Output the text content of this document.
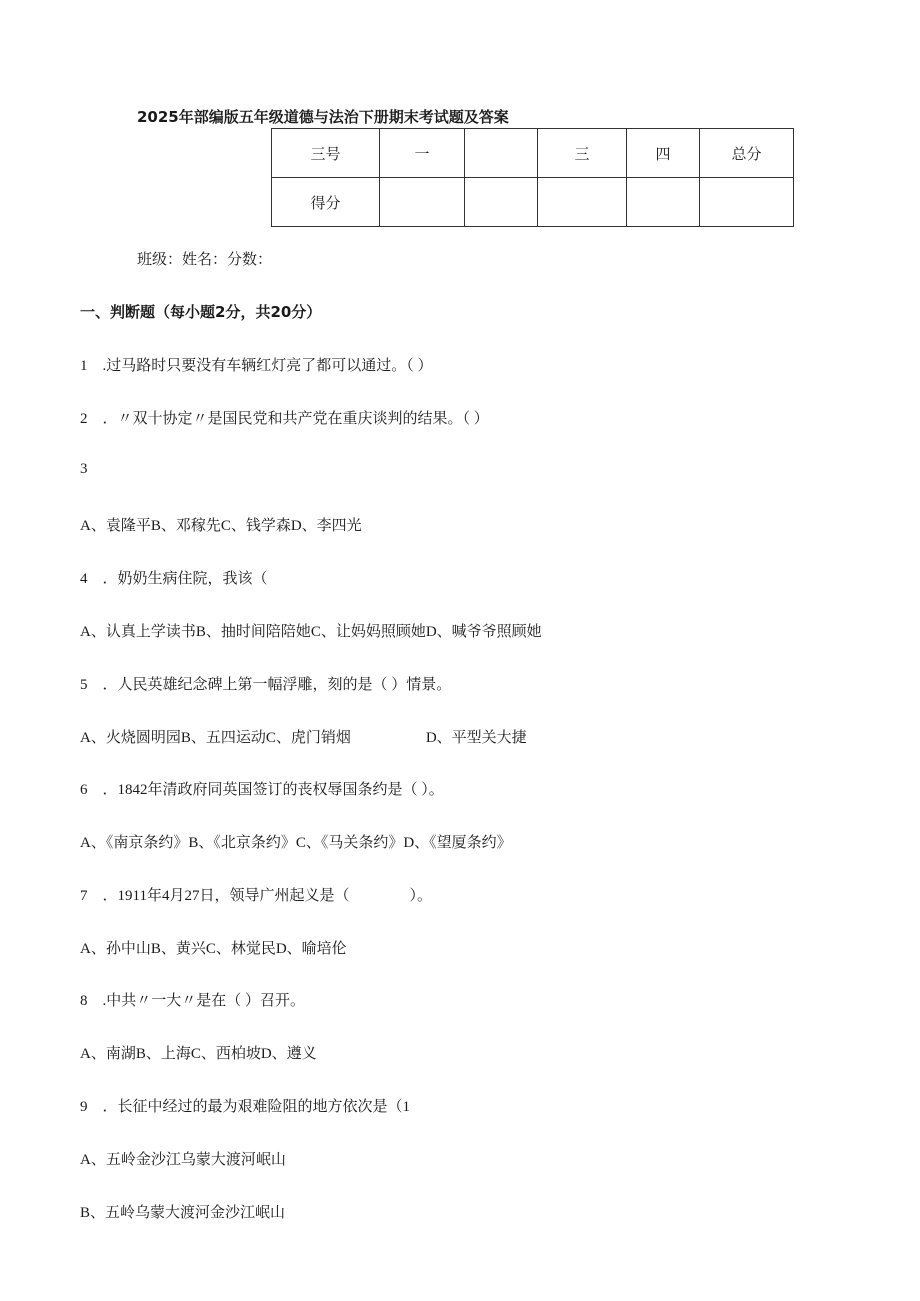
2025年部编版五年级道德与法治下册期末考试题及答案
三号	一		三	四	总分
得分					
班级：姓名：分数：
一、判断题（每小题2分，共20分）
1　.过马路时只要没有车辆红灯亮了都可以通过。（ ）
2　．〃双十协定〃是国民党和共产党在重庆谈判的结果。（ ）
3
A、袁隆平B、邓稼先C、钱学森D、李四光
4　．奶奶生病住院，我该（
A、认真上学读书B、抽时间陪陪她C、让妈妈照顾她D、喊爷爷照顾她
5　．人民英雄纪念碑上第一幅浮雕，刻的是（ ）情景。
A、火烧圆明园B、五四运动C、虎门销烟　　　　　D、平型关大捷
6　．1842年清政府同英国签订的丧权辱国条约是（ ）。
A、《南京条约》B、《北京条约》C、《马关条约》D、《望厦条约》
7　．1911年4月27日，领导广州起义是（　　　　）。
A、孙中山B、黄兴C、林觉民D、喻培伦
8　.中共〃一大〃是在（ ）召开。
A、南湖B、上海C、西柏坡D、遵义
9　．长征中经过的最为艰难险阻的地方依次是（1
A、五岭金沙江乌蒙大渡河岷山
B、五岭乌蒙大渡河金沙江岷山
